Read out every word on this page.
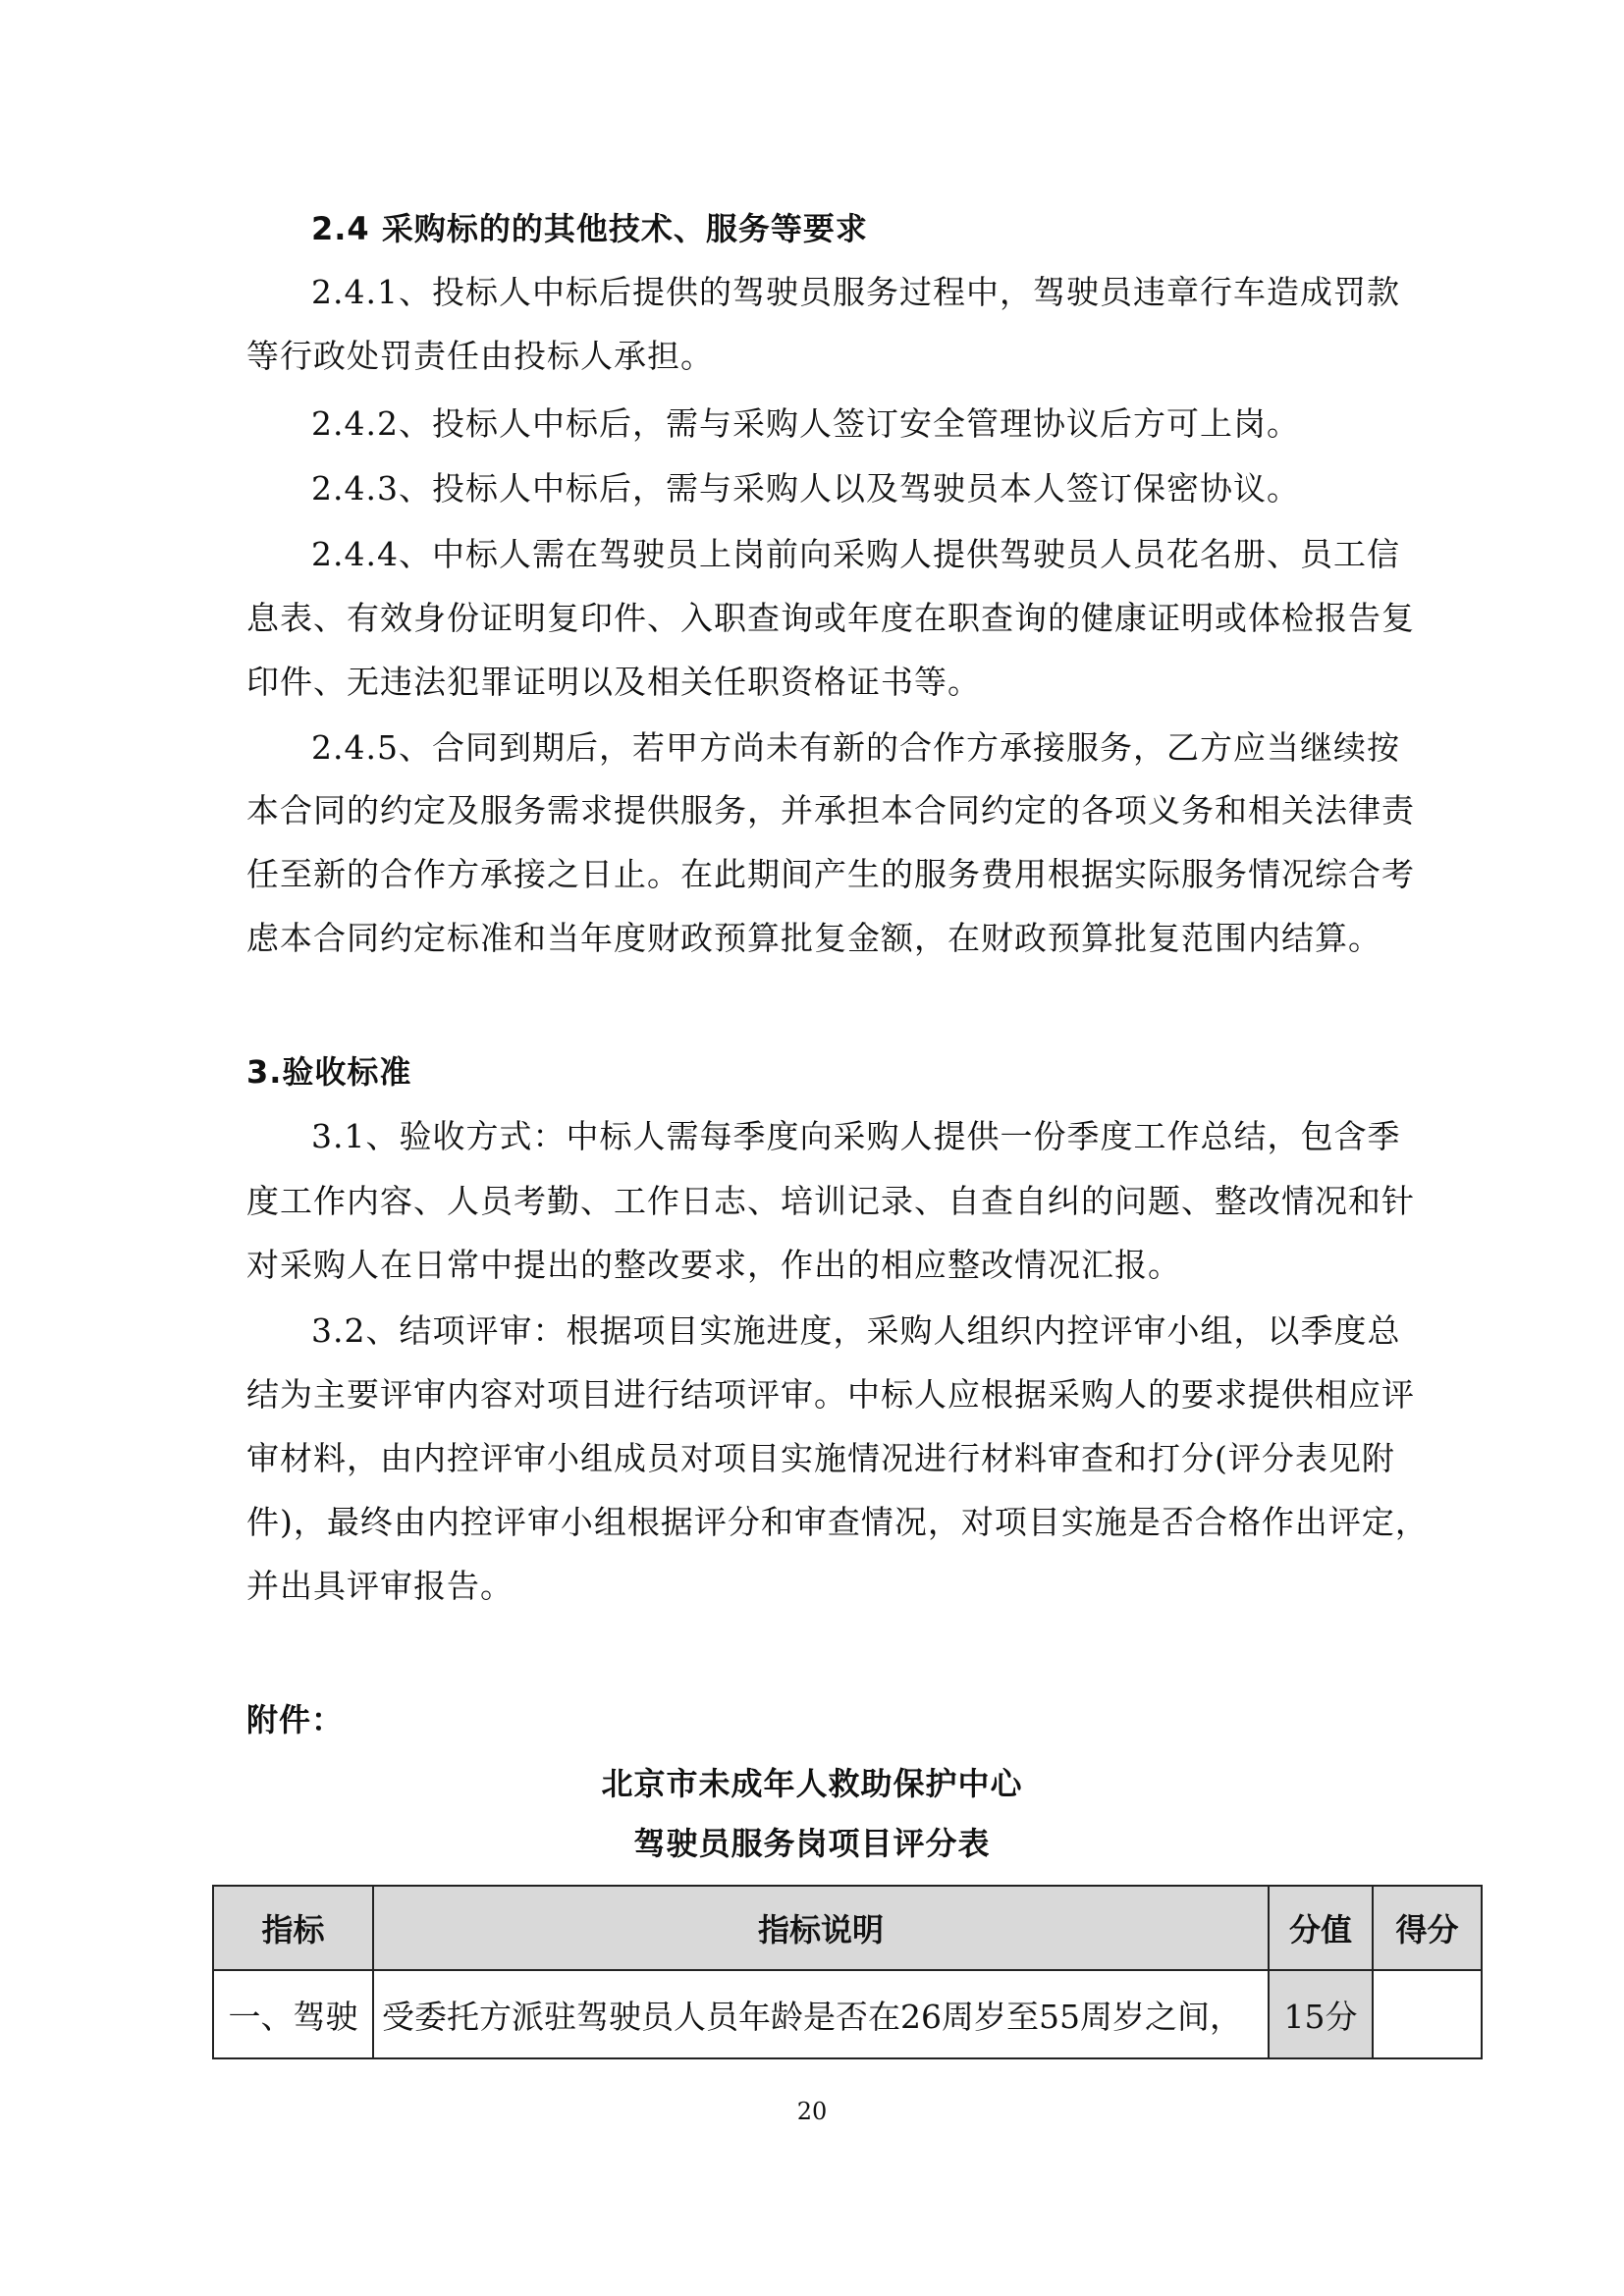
2.4 采购标的的其他技术、服务等要求

2.4.1、投标人中标后提供的驾驶员服务过程中，驾驶员违章行车造成罚款

等行政处罚责任由投标人承担。

2.4.2、投标人中标后，需与采购人签订安全管理协议后方可上岗。

2.4.3、投标人中标后，需与采购人以及驾驶员本人签订保密协议。

2.4.4、中标人需在驾驶员上岗前向采购人提供驾驶员人员花名册、员工信

息表、有效身份证明复印件、入职查询或年度在职查询的健康证明或体检报告复

印件、无违法犯罪证明以及相关任职资格证书等。

2.4.5、合同到期后，若甲方尚未有新的合作方承接服务，乙方应当继续按

本合同的约定及服务需求提供服务，并承担本合同约定的各项义务和相关法律责

任至新的合作方承接之日止。在此期间产生的服务费用根据实际服务情况综合考

虑本合同约定标准和当年度财政预算批复金额，在财政预算批复范围内结算。

3.验收标准

3.1、验收方式：中标人需每季度向采购人提供一份季度工作总结，包含季

度工作内容、人员考勤、工作日志、培训记录、自查自纠的问题、整改情况和针

对采购人在日常中提出的整改要求，作出的相应整改情况汇报。

3.2、结项评审：根据项目实施进度，采购人组织内控评审小组，以季度总

结为主要评审内容对项目进行结项评审。中标人应根据采购人的要求提供相应评

审材料，由内控评审小组成员对项目实施情况进行材料审查和打分(评分表见附

件)，最终由内控评审小组根据评分和审查情况，对项目实施是否合格作出评定，

并出具评审报告。

附件：

北京市未成年人救助保护中心

驾驶员服务岗项目评分表

指标	指标说明	分值	得分
一、驾驶	受委托方派驻驾驶员人员年龄是否在26周岁至55周岁之间，	15分	
20
